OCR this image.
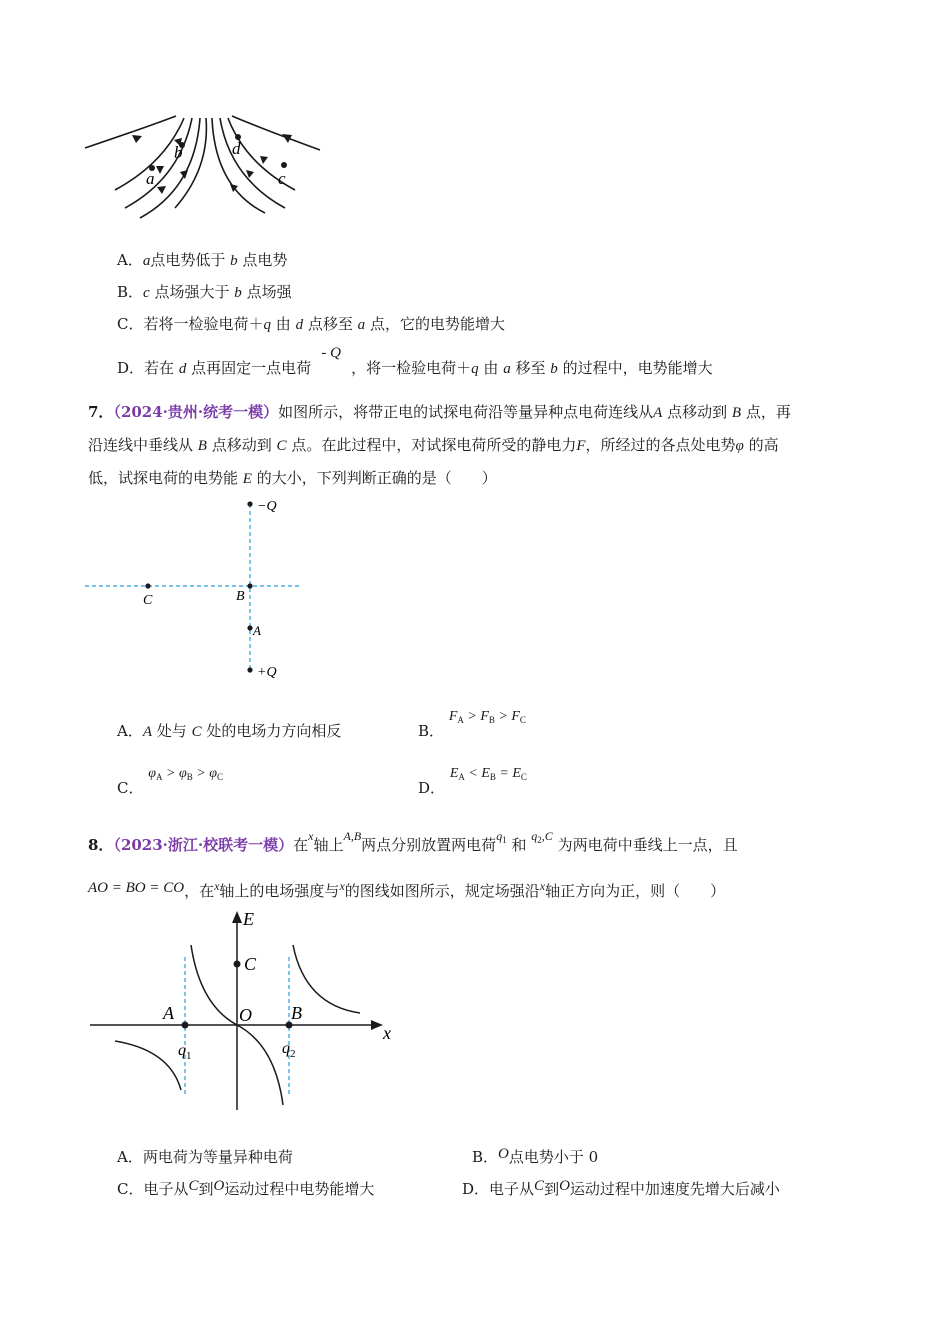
a
b	d
c
A．a点电势低于 b 点电势
B．c 点场强大于 b 点场强
C．若将一检验电荷＋q 由 d 点移至 a 点，它的电势能增大
D．若在 d 点再固定一点电荷- Q，将一检验电荷＋q 由 a 移至 b 的过程中，电势能增大
7．（2024·贵州·统考一模）如图所示，将带正电的试探电荷沿等量异种点电荷连线从A 点移动到 B 点，再
沿连线中垂线从 B 点移动到 C 点。在此过程中，对试探电荷所受的静电力F，所经过的各点处电势φ 的高
低，试探电荷的电势能 E 的大小，下列判断正确的是（　　）
−Q
C	B
A
+Q
A．A 处与 C 处的电场力方向相反	B． $F_A > F_B > F_C$
C． $\varphi_A > \varphi_B > \varphi_C$
D． $E_A < E_B = E_C$
8．（2023·浙江·校联考一模）在$^x$轴上$^{A,B}$两点分别放置两电荷$^{q_1}$ 和 $^{q_2,C}$ 为两电荷中垂线上一点，且
AO = BO = CO，在$^x$轴上的电场强度与$^x$的图线如图所示，规定场强沿$^x$轴正方向为正，则（　　）
E
C
A	O B
x
$q_1$	$q_2$
A．两电荷为等量异种电荷	B．O点电势小于 0
C．电子从C到O运动过程中电势能增大	D．电子从C到O运动过程中加速度先增大后减小
